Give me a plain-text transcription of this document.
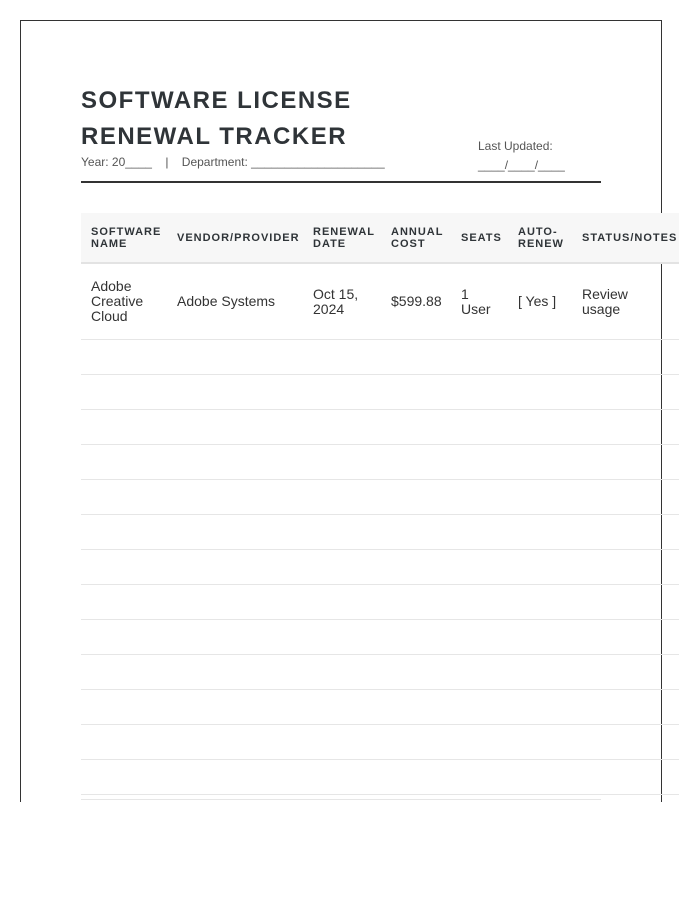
SOFTWARE LICENSE
RENEWAL TRACKER
Year: 20____ | Department: ____________________
Last Updated:
____/____/____
SOFTWARE NAME	VENDOR/PROVIDER	RENEWAL DATE	ANNUAL COST	SEATS	AUTO-RENEW	STATUS/NOTES
Adobe Creative Cloud	Adobe Systems	Oct 15, 2024	$599.88	1 User	[ Yes ]	Review usage
